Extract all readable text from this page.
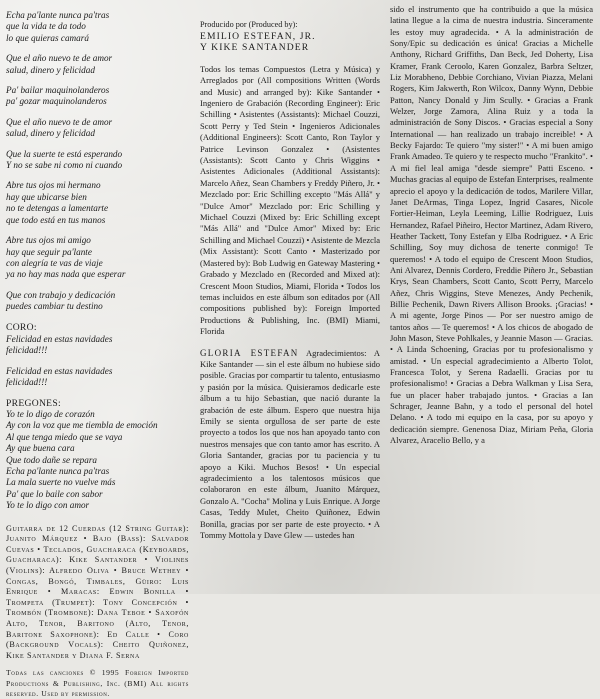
Echa pa'lante nunca pa'tras
que la vida te da todo
lo que quieras camará
Que el año nuevo te de amor
salud, dinero y felicidad
Pa' bailar maquinolanderos
pa' gozar maquinolanderos
Que el año nuevo te de amor
salud, dinero y felicidad
Que la suerte te está esperando
Y no se sabe ni como ni cuando
Abre tus ojos mi hermano
hay que ubicarse bien
no te detengas a lamentarte
que todo está en tus manos
Abre tus ojos mi amigo
hay que seguir pa'lante
con alegría te vas de viaje
ya no hay mas nada que esperar
Que con trabajo y dedicación
puedes cambiar tu destino
CORO:
Felicidad en estas navidades
felicidad!!!
Felicidad en estas navidades
felicidad!!!
PREGONES:
Yo te lo digo de corazón
Ay con la voz que me tiembla de emoción
Al que tenga miedo que se vaya
Ay que buena cara
Que todo dañe se repara
Echa pa'lante nunca pa'tras
La mala suerte no vuelve más
Pa' que lo baile con sabor
Yo te lo digo con amor
Guitarra de 12 Cuerdas (12 String Guitar): Juanito Márquez • Bajo (Bass): Salvador Cuevas • Teclados, Guacharaca (Keyboards, Guacharaca): Kike Santander • Violines (Violins): Alfredo Oliva • Bruce Wethey • Congas, Bongó, Timbales, Güiro: Luis Enrique • Maracas: Edwin Bonilla • Trompeta (Trumpet): Tony Concepción • Trombón (Trombone): Dana Teboe • Saxofón Alto, Tenor, Baritono (Alto, Tenor, Baritone Saxophone): Ed Calle • Coro (Background Vocals): Cheito Quiñonez, Kike Santander y Diana F. Serna
Todas las canciones © 1995 Foreign Imported Productions & Publishing, Inc. (BMI) All rights reserved. Used by permission.
Producido por (Produced by):
EMILIO ESTEFAN, JR.
Y KIKE SANTANDER

Todos los temas Compuestos (Letra y Música) y Arreglados por (All compositions Written (Words and Music) and arranged by): Kike Santander • Ingeniero de Grabación (Recording Engineer): Eric Schilling • Asistentes (Assistants): Michael Couzzi, Scott Perry y Ted Stein • Ingenieros Adicionales (Additional Engineers): Scott Canto, Ron Taylor y Patrice Levinson Gonzalez • (Asistentes (Assistants): Scott Canto y Chris Wiggins • Asistentes Adicionales (Additional Assistants): Marcelo Añez, Sean Chambers y Freddy Piñero, Jr. • Mezclado por: Eric Schilling excepto "Más Allá" y "Dulce Amor" Mezclado por: Eric Schilling y Michael Couzzi (Mixed by: Eric Schilling except "Más Allá" and "Dulce Amor" Mixed by: Eric Schilling and Michael Couzzi) • Asistente de Mezcla (Mix Assistant): Scott Canto • Masterizado por (Mastered by): Bob Ludwig en Gateway Mastering • Grabado y Mezclado en (Recorded and Mixed at): Crescent Moon Studios, Miami, Florida • Todos los temas incluidos en este álbum son editados por (All compositions published by): Foreign Imported Productions & Publishing, Inc. (BMI) Miami, Florida

GLORIA ESTEFAN Agradecimientos: A Kike Santander — sin el este álbum no hubiese sido posible. Gracias por compartir tu talento, entusiasmo y pasión por la música. Quisieramos dedicarle este álbum a tu hijo Sebastian, que nació durante la grabación de este álbum. Espero que nuestra hija Emily se sienta orgullosa de ser parte de este proyecto a todos los que nos han apoyado tanto con nuestros mensajes que con tanto amor has escrito. A Gloria Santander, gracias por tu paciencia y tu apoyo a Kiki. Muchos Besos! • Un especial agradecimiento a los talentosos músicos que colaboraron en este álbum, Juanito Márquez, Gonzalo A. "Cocha" Molina y Luis Enrique. A Jorge Casas, Teddy Mulet, Cheito Quiñonez, Edwin Bonilla, gracias por ser parte de este proyecto. • A Tommy Mottola y Dave Glew — ustedes han

sido el instrumento que ha contribuido a que la música latina llegue a la cima de nuestra industria. Sinceramente les estoy muy agradecida. • A la administración de Sony/Epic su dedicación es única! Gracias a Michelle Anthony, Richard Griffiths, Dan Beck, Jed Doherty, Lisa Kramer, Frank Ceroolo, Karen Gonzalez, Barbra Seltzer, Liz Morabheno, Debbie Corchiano, Vivian Piazza, Melani Rogers, Kim Jakwerth, Ron Wilcox, Danny Wynn, Debbie Patton, Nancy Donald y Jim Scully. • Gracias a Frank Welzer, Jorge Zamora, Alina Ruiz y a toda la administración de Sony Discos. • Gracias especial a Sony International — han realizado un trabajo increible! • A Becky Fajardo: Te quiero "my sister!" • A mi buen amigo Frank Amadeo. Te quiero y te respecto mucho "Frankito". • A mi fiel leal amiga "desde siempre" Patti Esceno. • Muchas gracias al equipo de Estefan Enterprises, realmente aprecio el apoyo y la dedicación de todos, Marilere Villar, Janet DeArmas, Tinga Lopez, Ingrid Casares, Nicole Fortier-Heiman, Leyla Leeming, Lillie Rodriguez, Luis Hernandez, Rafael Piñeiro, Hector Martinez, Adam Rivero, Heather Tackett, Tony Estefan y Elba Rodriguez. • A Eric Schilling, Soy muy dichosa de tenerte conmigo! Te queremos! • A todo el equipo de Crescent Moon Studios, Ani Alvarez, Dennis Cordero, Freddie Piñero Jr., Sebastian Krys, Sean Chambers, Scott Canto, Scott Perry, Marcelo Añez, Chris Wiggins, Steve Menezes, Andy Pechenik, Billie Pechenik, Dawn Rivers Allison Brooks. ¡Gracias! • A mi agente, Jorge Pinos — Por ser nuestro amigo de tantos años — Te queremos! • A los chicos de abogado de John Mason, Steve Pohlkales, y Jeannie Mason — Gracias. • A Linda Schoening, Gracias por tu profesionalismo y amistad. • Un especial agradecimiento a Alberto Tolot, Francesca Tolot, y Serena Radaelli. Gracias por tu profesionalismo! • Gracias a Debra Walkman y Lisa Sera, fue un placer haber trabajado juntos. • Gracias a Ian Schrager, Jeanne Bahn, y a todo el personal del hotel Delano. • A todo mi equipo en la casa, por su apoyo y dedicación siempre. Genenosa Diaz, Miriam Peña, Gloria Alvarez, Aracelio Bello, y a
